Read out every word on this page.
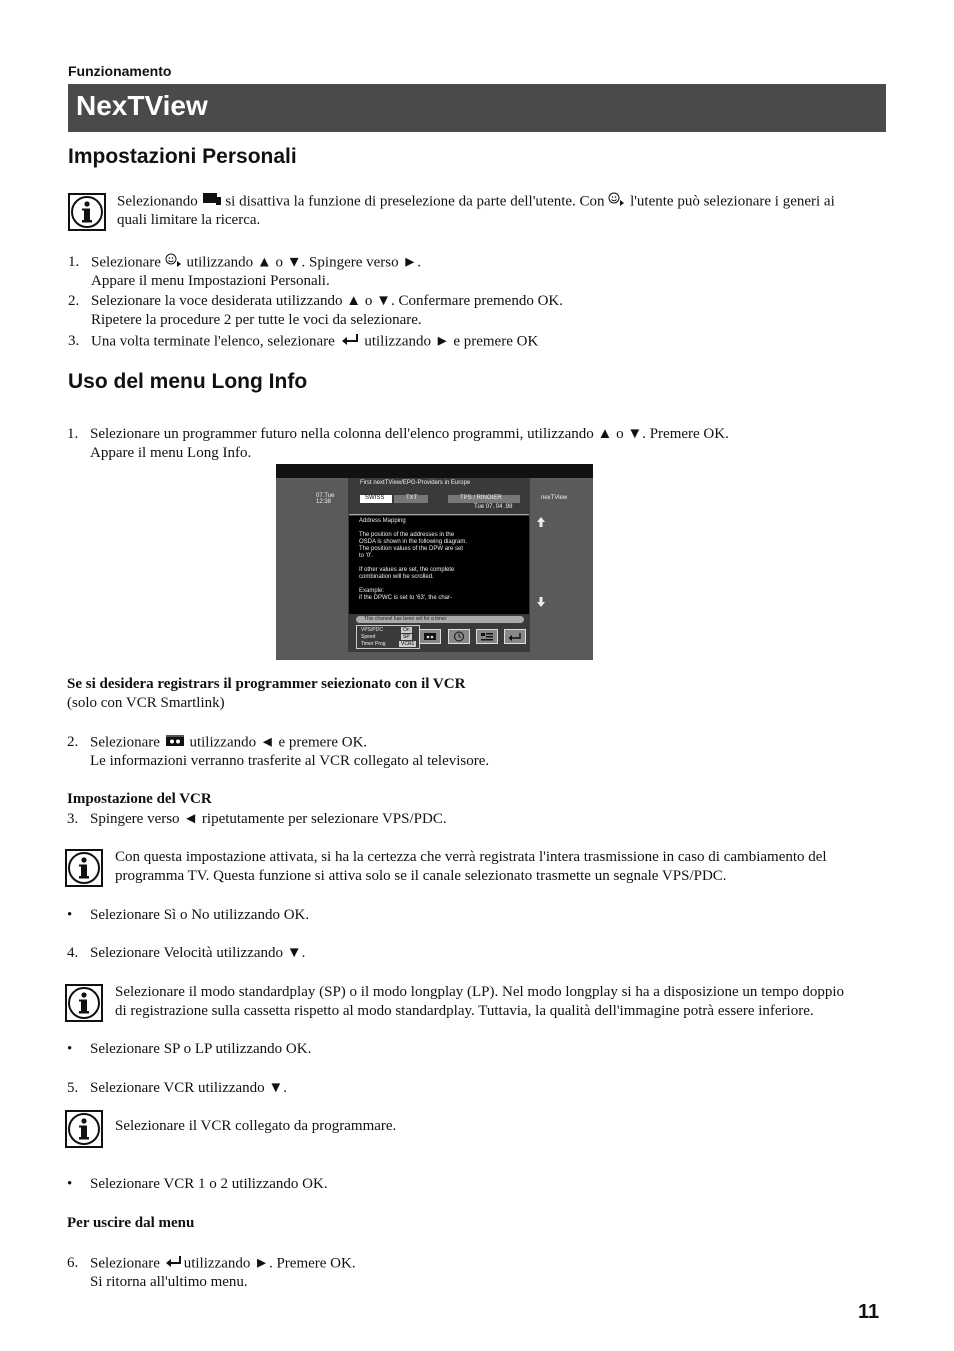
Funzionamento
NexTView
Impostazioni Personali
Selezionando si disattiva la funzione di preselezione da parte dell'utente. Con l'utente può selezionare i generi ai
quali limitare la ricerca.
1. Selezionare utilizzando ▲ o ▼. Spingere verso ►.
Appare il menu Impostazioni Personali.
2. Selezionare la voce desiderata utilizzando ▲ o ▼. Confermare premendo OK.
Ripetere la procedure 2 per tutte le voci da selezionare.
3. Una volta terminate l'elenco, selezionare utilizzando ► e premere OK
Uso del menu Long Info
1. Selezionare un programmer futuro nella colonna dell'elenco programmi, utilizzando ▲ o ▼. Premere OK.
Appare il menu Long Info.
First nextTView/EPG-Providers in Europe
07.Tue
12:38
SWISS	TXT	TPS / RINGIER
Tue 07. 04 .98
nexTView
Address Mapping
The position of the addresses in the
OSDA is shown in the following diagram.
The position values of the DPW are set
to '0'.
If other values are set, the complete
combination will be scrolled.
Example:
if the DPWC is set to '63', the char-
This channel has been set for a timer
VPS/PDC	On
Speed	SP
Timer Prog	VCR1
Se si desidera registrars il programmer seiezionato con il VCR
(solo con VCR Smartlink)
2. Selezionare utilizzando ◄ e premere OK.
Le informazioni verranno trasferite al VCR collegato al televisore.
Impostazione del VCR
3. Spingere verso ◄ ripetutamente per selezionare VPS/PDC.
Con questa impostazione attivata, si ha la certezza che verrà registrata l'intera trasmissione in caso di cambiamento del
programma TV. Questa funzione si attiva solo se il canale selezionato trasmette un segnale VPS/PDC.
• Selezionare Sì o No utilizzando OK.
4. Selezionare Velocità utilizzando ▼.
Selezionare il modo standardplay (SP) o il modo longplay (LP). Nel modo longplay si ha a disposizione un tempo doppio
di registrazione sulla cassetta rispetto al modo standardplay. Tuttavia, la qualità dell'immagine potrà essere inferiore.
• Selezionare SP o LP utilizzando OK.
5. Selezionare VCR utilizzando ▼.
Selezionare il VCR collegato da programmare.
• Selezionare VCR 1 o 2 utilizzando OK.
Per uscire dal menu
6. Selezionare utilizzando ►. Premere OK.
Si ritorna all'ultimo menu.
11
